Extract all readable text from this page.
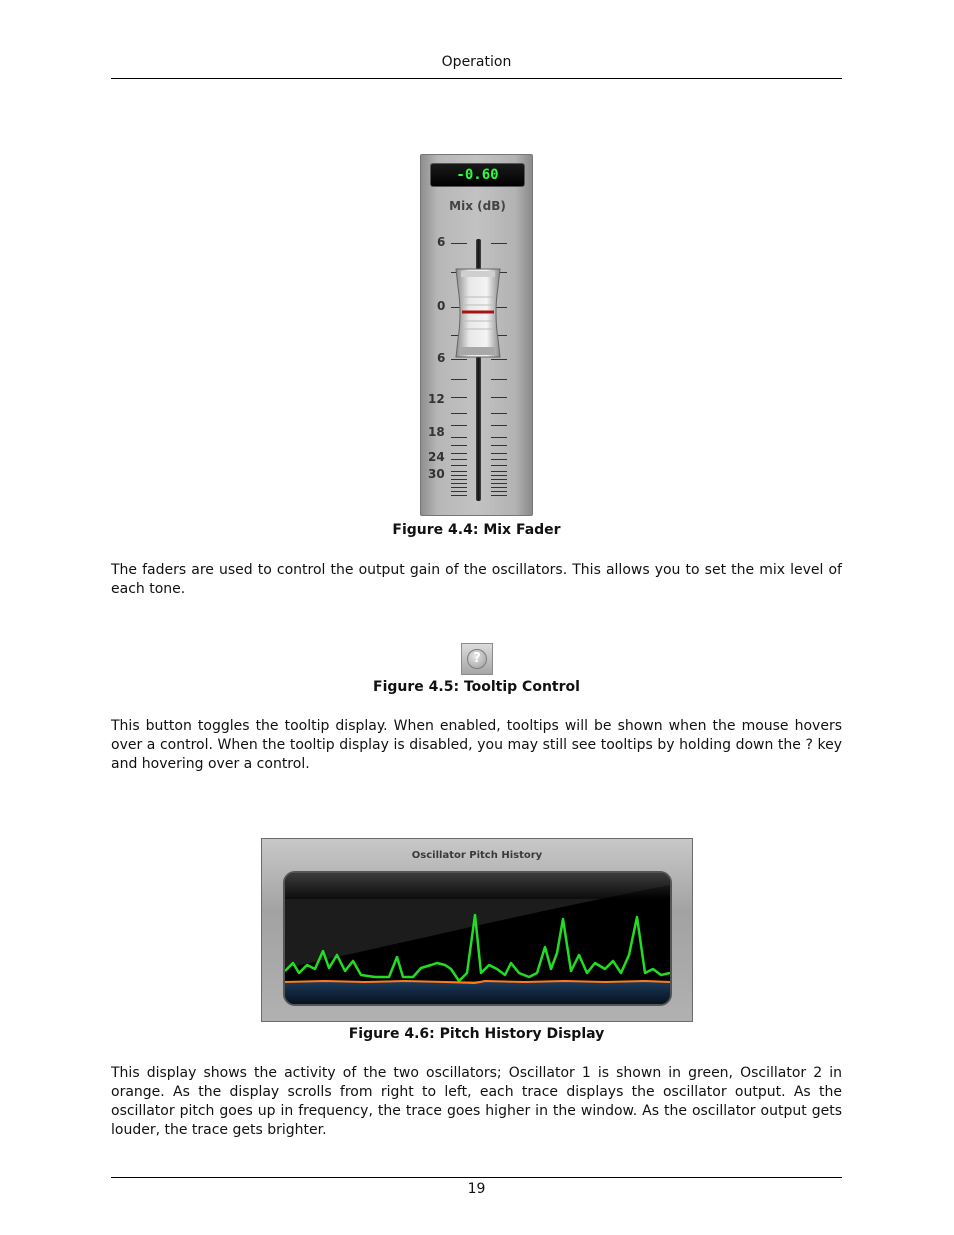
Operation
-0.60
Mix (dB)
6
0
6
12
18
24
30
Figure 4.4: Mix Fader
The faders are used to control the output gain of the oscillators. This allows you to set the mix level of each tone.
?
Figure 4.5: Tooltip Control
This button toggles the tooltip display. When enabled, tooltips will be shown when the mouse hovers over a control. When the tooltip display is disabled, you may still see tooltips by holding down the ? key and hovering over a control.
Oscillator Pitch History
Figure 4.6: Pitch History Display
This display shows the activity of the two oscillators; Oscillator 1 is shown in green, Oscillator 2 in orange. As the display scrolls from right to left, each trace displays the oscillator output. As the oscillator pitch goes up in frequency, the trace goes higher in the window. As the oscillator output gets louder, the trace gets brighter.
19
